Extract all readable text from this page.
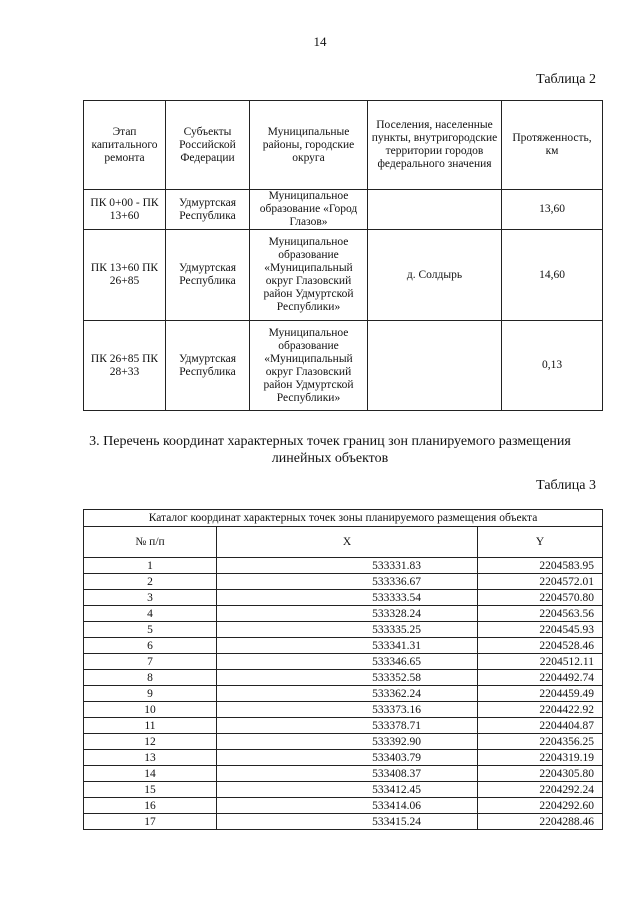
14
Таблица 2
Этап капитального ремонта	Субъекты Российской Федерации	Муниципальные районы, городские округа	Поселения, населенные пункты, внутригородские территории городов федерального значения	Протяженность, км
ПК 0+00 - ПК 13+60	Удмуртская Республика	Муниципальное образование «Город Глазов»		13,60
ПК 13+60 ПК 26+85	Удмуртская Республика	Муниципальное образование «Муниципальный округ Глазовский район Удмуртской Республики»	д. Солдырь	14,60
ПК 26+85 ПК 28+33	Удмуртская Республика	Муниципальное образование «Муниципальный округ Глазовский район Удмуртской Республики»		0,13
3. Перечень координат характерных точек границ зон планируемого размещения линейных объектов
Таблица 3
Каталог координат характерных точек зоны планируемого размещения объекта		
№ п/п	X	Y
1	533331.83	2204583.95
2	533336.67	2204572.01
3	533333.54	2204570.80
4	533328.24	2204563.56
5	533335.25	2204545.93
6	533341.31	2204528.46
7	533346.65	2204512.11
8	533352.58	2204492.74
9	533362.24	2204459.49
10	533373.16	2204422.92
11	533378.71	2204404.87
12	533392.90	2204356.25
13	533403.79	2204319.19
14	533408.37	2204305.80
15	533412.45	2204292.24
16	533414.06	2204292.60
17	533415.24	2204288.46
